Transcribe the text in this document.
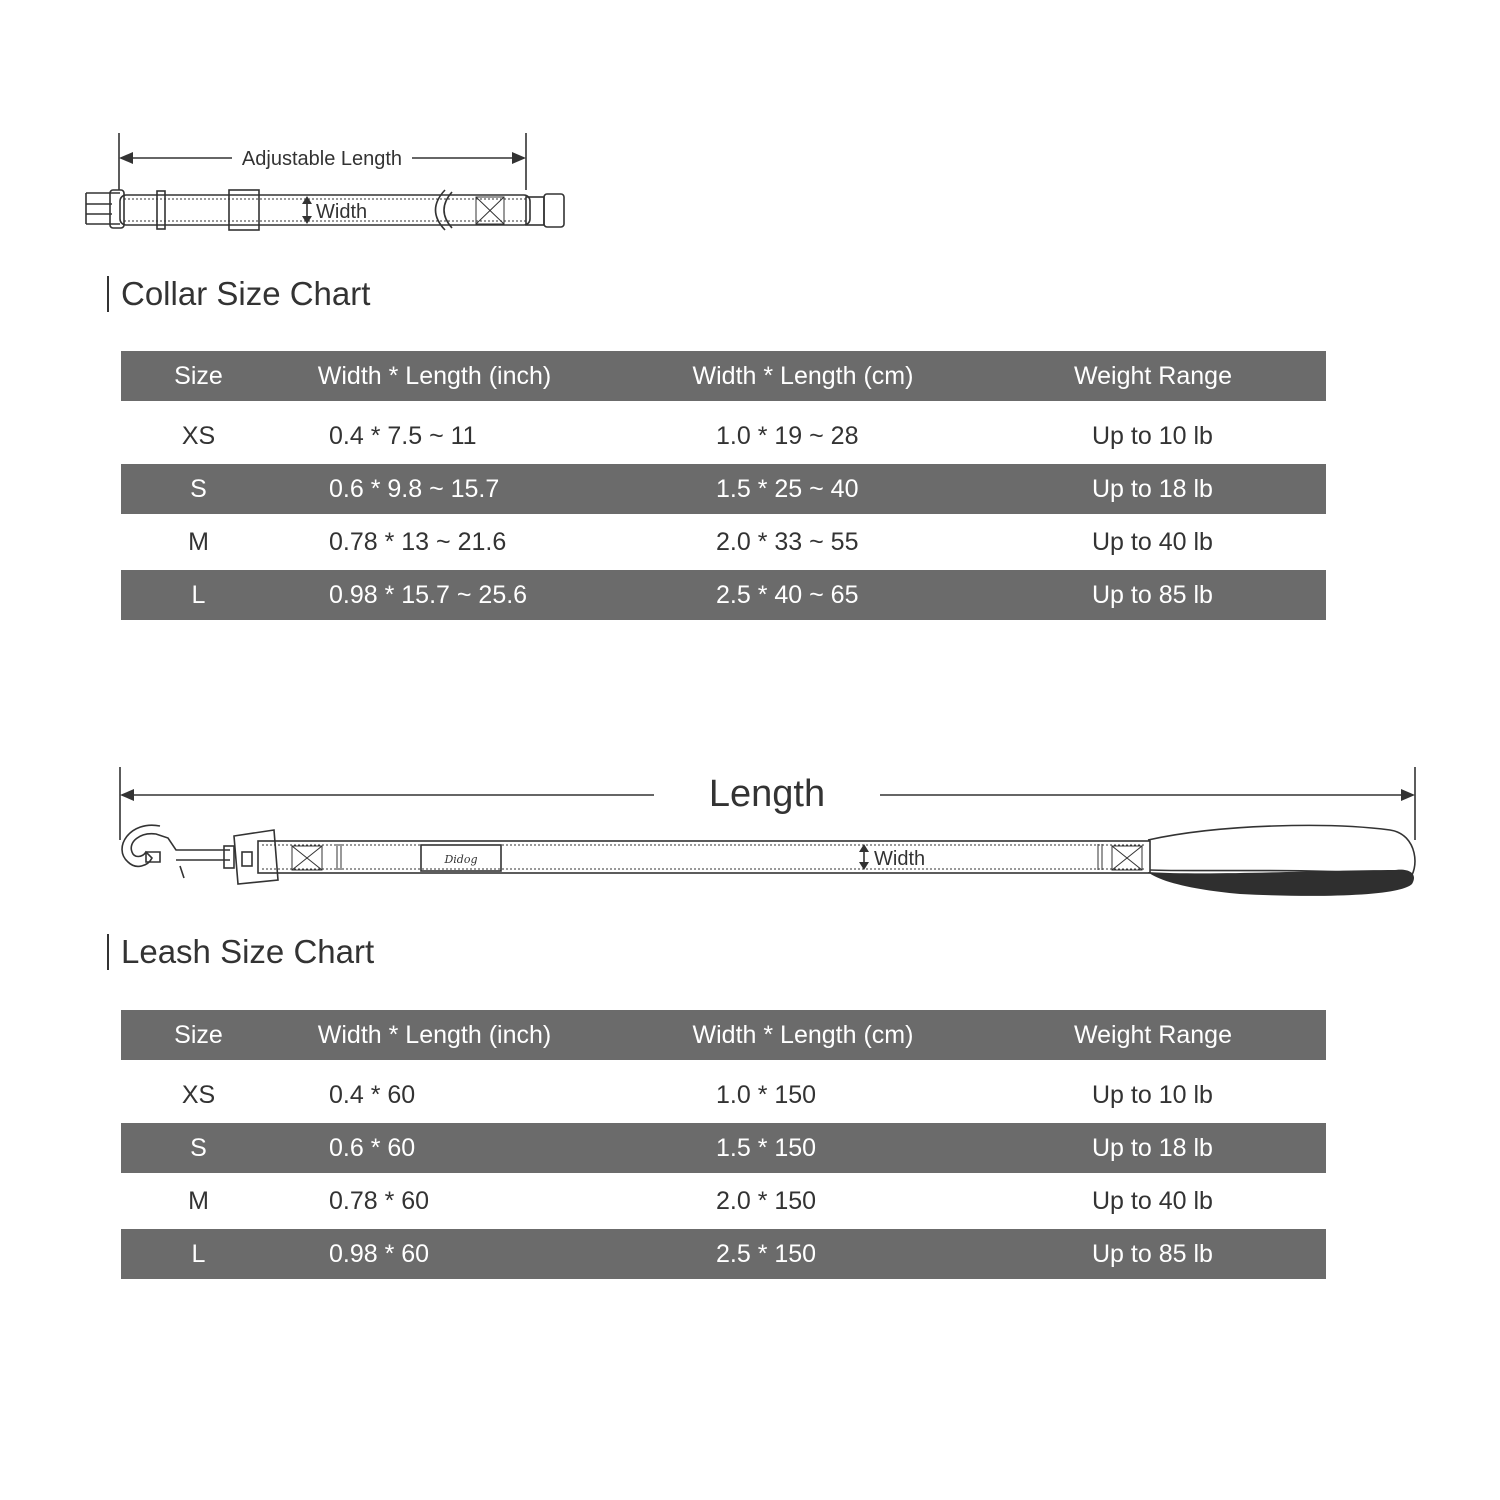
Adjustable Length
Width
Collar Size Chart
Size	Width * Length (inch)	Width * Length (cm)	Weight Range
XS	0.4 * 7.5 ~ 11	1.0 * 19 ~ 28	Up to 10 lb
S	0.6 * 9.8 ~ 15.7	1.5 * 25 ~ 40	Up to 18 lb
M	0.78 * 13 ~ 21.6	2.0 * 33 ~ 55	Up to 40 lb
L	0.98 * 15.7 ~ 25.6	2.5 * 40 ~ 65	Up to 85 lb
Length
Width
Didog
Leash Size Chart
Size	Width * Length (inch)	Width * Length (cm)	Weight Range
XS	0.4 * 60	1.0 * 150	Up to 10 lb
S	0.6 * 60	1.5 * 150	Up to 18 lb
M	0.78 * 60	2.0 * 150	Up to 40 lb
L	0.98 * 60	2.5 * 150	Up to 85 lb
